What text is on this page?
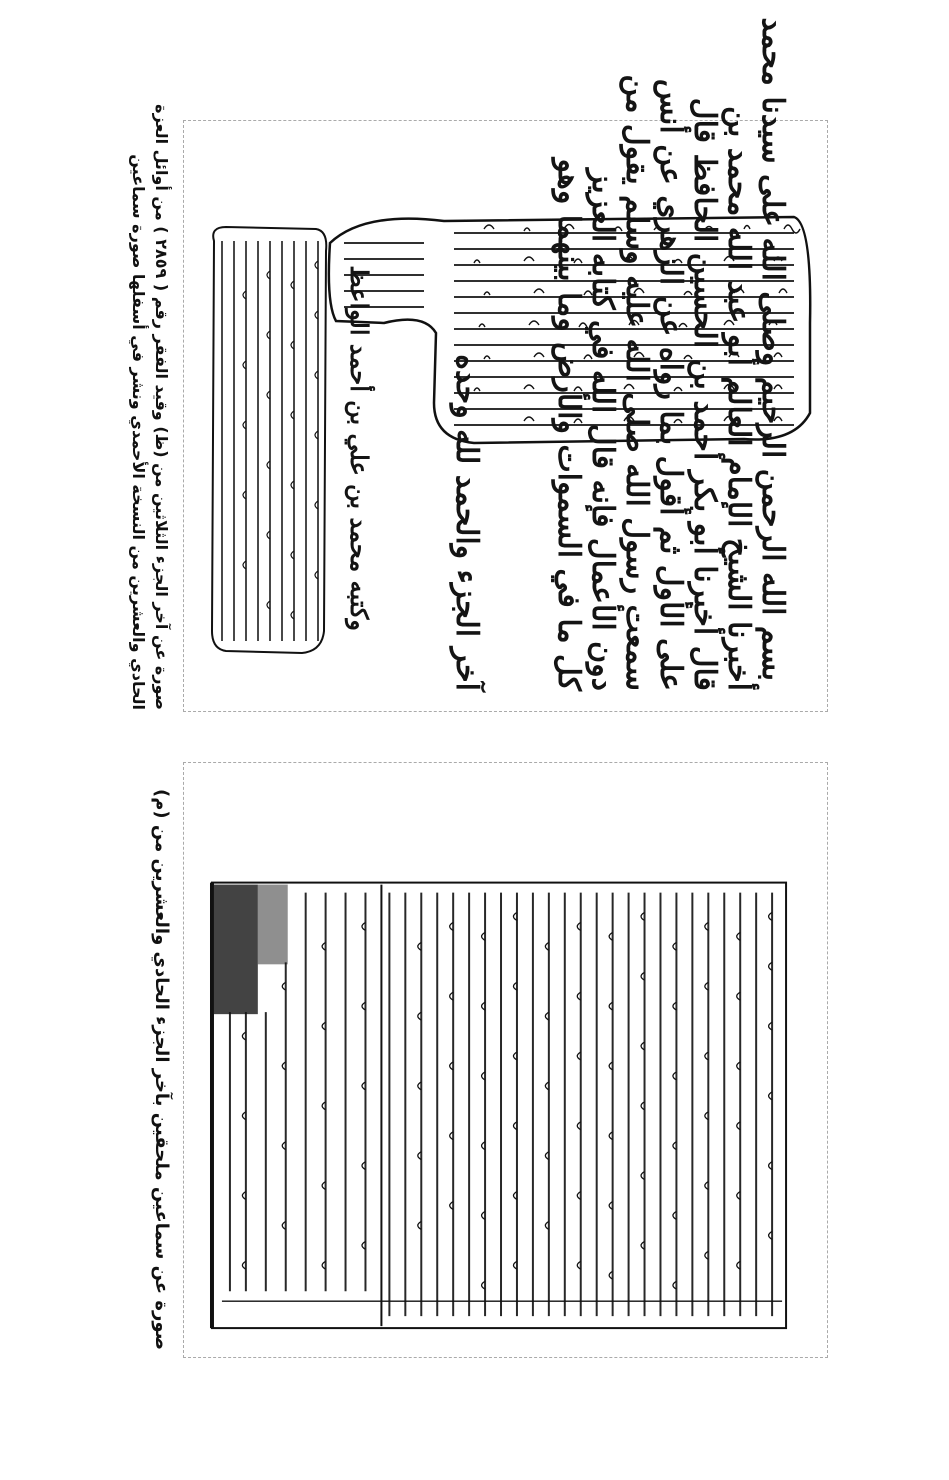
صورة عن آخر الجزء الثلاثين من (ظ) وقيد الفقر رقم ( ٢٨٥٩ ) من أوائل العزة
الحادي والعشرين من النسخة الأحمدي ونشر في أسفلها صورة سماعين	بسم الله الرحمن الرحيم وصلى الله على سيدنا محمد
أخبرنا الشيخ الإمام العالم أبو عبد الله محمد بن
قال أخبرنا أبو بكر أحمد بن الحسين الحافظ قال
على الأول ثم أقول بما رواه عن الزهري عن أنس
سمعت رسول الله صلى الله عليه وسلم يقول من
دون الأعمال فإنه قال الله في كتابه العزيز
كل ما في السموات والأرض وما بينهما وهو
آخر الجزء والحمد لله وحده
وكتبه محمد بن علي بن أحمد الواعظ
صورة عن سماعين ملحقين بآخر الجزء الحادي والعشرين من (م)
